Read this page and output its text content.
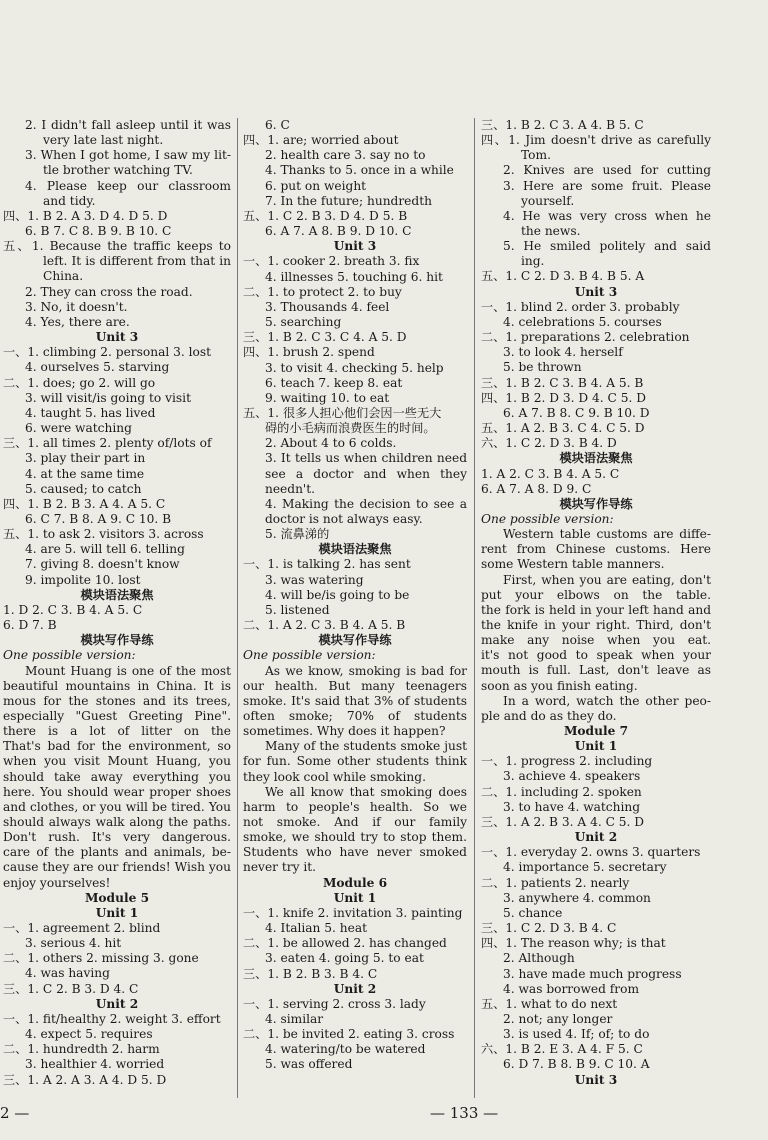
2. I didn't fall asleep until it was
very late last night.
3. When I got home, I saw my lit-
tle brother watching TV.
4. Please keep our classroom
and tidy.
四、1. B 2. A 3. D 4. D 5. D
6. B 7. C 8. B 9. B 10. C
五、1. Because the traffic keeps to
left. It is different from that in
China.
2. They can cross the road.
3. No, it doesn't.
4. Yes, there are.
Unit 3
一、1. climbing 2. personal 3. lost
4. ourselves 5. starving
二、1. does; go 2. will go
3. will visit/is going to visit
4. taught 5. has lived
6. were watching
三、1. all times 2. plenty of/lots of
3. play their part in
4. at the same time
5. caused; to catch
四、1. B 2. B 3. A 4. A 5. C
6. C 7. B 8. A 9. C 10. B
五、1. to ask 2. visitors 3. across
4. are 5. will tell 6. telling
7. giving 8. doesn't know
9. impolite 10. lost
模块语法聚焦
1. D 2. C 3. B 4. A 5. C
6. D 7. B
模块写作导练
One possible version:
Mount Huang is one of the most
beautiful mountains in China. It is
mous for the stones and its trees,
especially "Guest Greeting Pine".
there is a lot of litter on the
That's bad for the environment, so
when you visit Mount Huang, you
should take away everything you
here. You should wear proper shoes
and clothes, or you will be tired. You
should always walk along the paths.
Don't rush. It's very dangerous.
care of the plants and animals, be-
cause they are our friends! Wish you
enjoy yourselves!
Module 5
Unit 1
一、1. agreement 2. blind
3. serious 4. hit
二、1. others 2. missing 3. gone
4. was having
三、1. C 2. B 3. D 4. C
Unit 2
一、1. fit/healthy 2. weight 3. effort
4. expect 5. requires
二、1. hundredth 2. harm
3. healthier 4. worried
三、1. A 2. A 3. A 4. D 5. D
6. C
四、1. are; worried about
2. health care 3. say no to
4. Thanks to 5. once in a while
6. put on weight
7. In the future; hundredth
五、1. C 2. B 3. D 4. D 5. B
6. A 7. A 8. B 9. D 10. C
Unit 3
一、1. cooker 2. breath 3. fix
4. illnesses 5. touching 6. hit
二、1. to protect 2. to buy
3. Thousands 4. feel
5. searching
三、1. B 2. C 3. C 4. A 5. D
四、1. brush 2. spend
3. to visit 4. checking 5. help
6. teach 7. keep 8. eat
9. waiting 10. to eat
五、1. 很多人担心他们会因一些无大
碍的小毛病而浪费医生的时间。
2. About 4 to 6 colds.
3. It tells us when children need
see a doctor and when they
needn't.
4. Making the decision to see a
doctor is not always easy.
5. 流鼻涕的
模块语法聚焦
一、1. is talking 2. has sent
3. was watering
4. will be/is going to be
5. listened
二、1. A 2. C 3. B 4. A 5. B
模块写作导练
One possible version:
As we know, smoking is bad for
our health. But many teenagers
smoke. It's said that 3% of students
often smoke; 70% of students
sometimes. Why does it happen?
Many of the students smoke just
for fun. Some other students think
they look cool while smoking.
We all know that smoking does
harm to people's health. So we
not smoke. And if our family
smoke, we should try to stop them.
Students who have never smoked
never try it.
Module 6
Unit 1
一、1. knife 2. invitation 3. painting
4. Italian 5. heat
二、1. be allowed 2. has changed
3. eaten 4. going 5. to eat
三、1. B 2. B 3. B 4. C
Unit 2
一、1. serving 2. cross 3. lady
4. similar
二、1. be invited 2. eating 3. cross
4. watering/to be watered
5. was offered
三、1. B 2. C 3. A 4. B 5. C
四、1. Jim doesn't drive as carefully
Tom.
2. Knives are used for cutting
3. Here are some fruit. Please
yourself.
4. He was very cross when he
the news.
5. He smiled politely and said
ing.
五、1. C 2. D 3. B 4. B 5. A
Unit 3
一、1. blind 2. order 3. probably
4. celebrations 5. courses
二、1. preparations 2. celebration
3. to look 4. herself
5. be thrown
三、1. B 2. C 3. B 4. A 5. B
四、1. B 2. D 3. D 4. C 5. D
6. A 7. B 8. C 9. B 10. D
五、1. A 2. B 3. C 4. C 5. D
六、1. C 2. D 3. B 4. D
模块语法聚焦
1. A 2. C 3. B 4. A 5. C
6. A 7. A 8. D 9. C
模块写作导练
One possible version:
Western table customs are diffe-
rent from Chinese customs. Here
some Western table manners.
First, when you are eating, don't
put your elbows on the table.
the fork is held in your left hand and
the knife in your right. Third, don't
make any noise when you eat.
it's not good to speak when your
mouth is full. Last, don't leave as
soon as you finish eating.
In a word, watch the other peo-
ple and do as they do.
Module 7
Unit 1
一、1. progress 2. including
3. achieve 4. speakers
二、1. including 2. spoken
3. to have 4. watching
三、1. A 2. B 3. A 4. C 5. D
Unit 2
一、1. everyday 2. owns 3. quarters
4. importance 5. secretary
二、1. patients 2. nearly
3. anywhere 4. common
5. chance
三、1. C 2. D 3. B 4. C
四、1. The reason why; is that
2. Although
3. have made much progress
4. was borrowed from
五、1. what to do next
2. not; any longer
3. is used 4. If; of; to do
六、1. B 2. E 3. A 4. F 5. C
6. D 7. B 8. B 9. C 10. A
Unit 3
2 —	— 133 —
